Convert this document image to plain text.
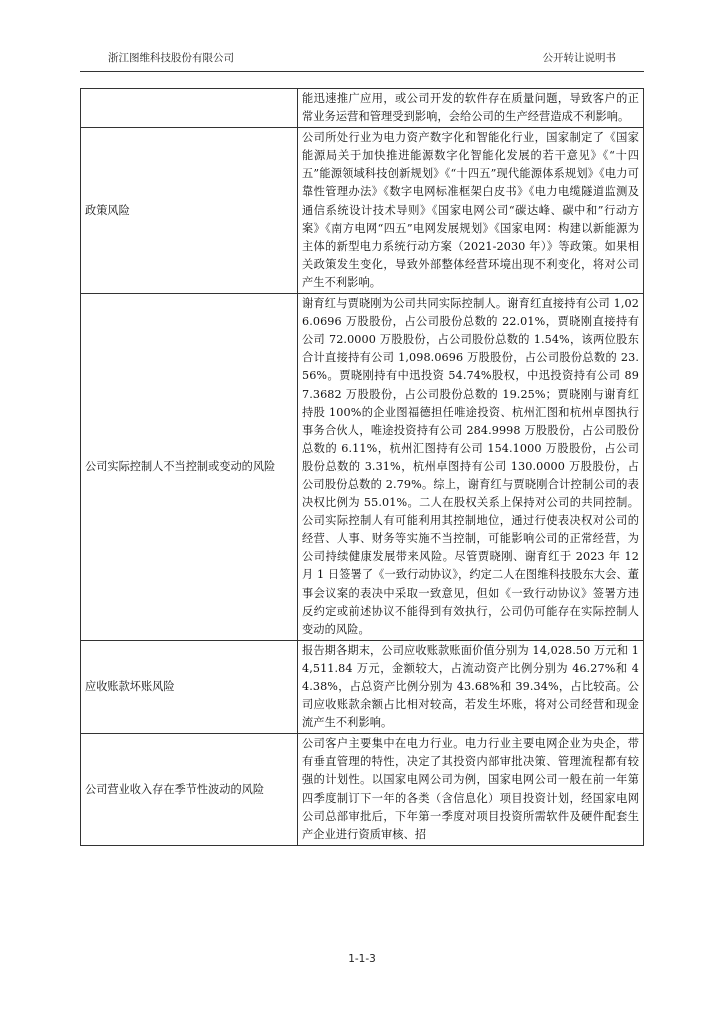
浙江图维科技股份有限公司	公开转让说明书
	能迅速推广应用，或公司开发的软件存在质量问题，导致客户的正常业务运营和管理受到影响，会给公司的生产经营造成不利影响。
政策风险	公司所处行业为电力资产数字化和智能化行业，国家制定了《国家能源局关于加快推进能源数字化智能化发展的若干意见》《“十四五”能源领域科技创新规划》《“十四五”现代能源体系规划》《电力可靠性管理办法》《数字电网标准框架白皮书》《电力电缆隧道监测及通信系统设计技术导则》《国家电网公司“碳达峰、碳中和”行动方案》《南方电网“四五”电网发展规划》《国家电网：构建以新能源为主体的新型电力系统行动方案（2021-2030 年）》等政策。如果相关政策发生变化，导致外部整体经营环境出现不利变化，将对公司产生不利影响。
公司实际控制人不当控制或变动的风险	谢育红与贾晓刚为公司共同实际控制人。谢育红直接持有公司 1,026.0696 万股股份，占公司股份总数的 22.01%，贾晓刚直接持有公司 72.0000 万股股份，占公司股份总数的 1.54%，该两位股东合计直接持有公司 1,098.0696 万股股份，占公司股份总数的 23.56%。贾晓刚持有中迅投资 54.74%股权，中迅投资持有公司 897.3682 万股股份，占公司股份总数的 19.25%；贾晓刚与谢育红持股 100%的企业图福德担任唯途投资、杭州汇图和杭州卓图执行事务合伙人，唯途投资持有公司 284.9998 万股股份，占公司股份总数的 6.11%，杭州汇图持有公司 154.1000 万股股份，占公司股份总数的 3.31%，杭州卓图持有公司 130.0000 万股股份，占公司股份总数的 2.79%。综上，谢育红与贾晓刚合计控制公司的表决权比例为 55.01%。二人在股权关系上保持对公司的共同控制。公司实际控制人有可能利用其控制地位，通过行使表决权对公司的经营、人事、财务等实施不当控制，可能影响公司的正常经营，为公司持续健康发展带来风险。尽管贾晓刚、谢育红于 2023 年 12 月 1 日签署了《一致行动协议》，约定二人在图维科技股东大会、董事会议案的表决中采取一致意见，但如《一致行动协议》签署方违反约定或前述协议不能得到有效执行，公司仍可能存在实际控制人变动的风险。
应收账款坏账风险	报告期各期末，公司应收账款账面价值分别为 14,028.50 万元和 14,511.84 万元，金额较大，占流动资产比例分别为 46.27%和 44.38%，占总资产比例分别为 43.68%和 39.34%，占比较高。公司应收账款余额占比相对较高，若发生坏账，将对公司经营和现金流产生不利影响。
公司营业收入存在季节性波动的风险	公司客户主要集中在电力行业。电力行业主要电网企业为央企，带有垂直管理的特性，决定了其投资内部审批决策、管理流程都有较强的计划性。以国家电网公司为例，国家电网公司一般在前一年第四季度制订下一年的各类（含信息化）项目投资计划，经国家电网公司总部审批后，下年第一季度对项目投资所需软件及硬件配套生产企业进行资质审核、招
1-1-3
